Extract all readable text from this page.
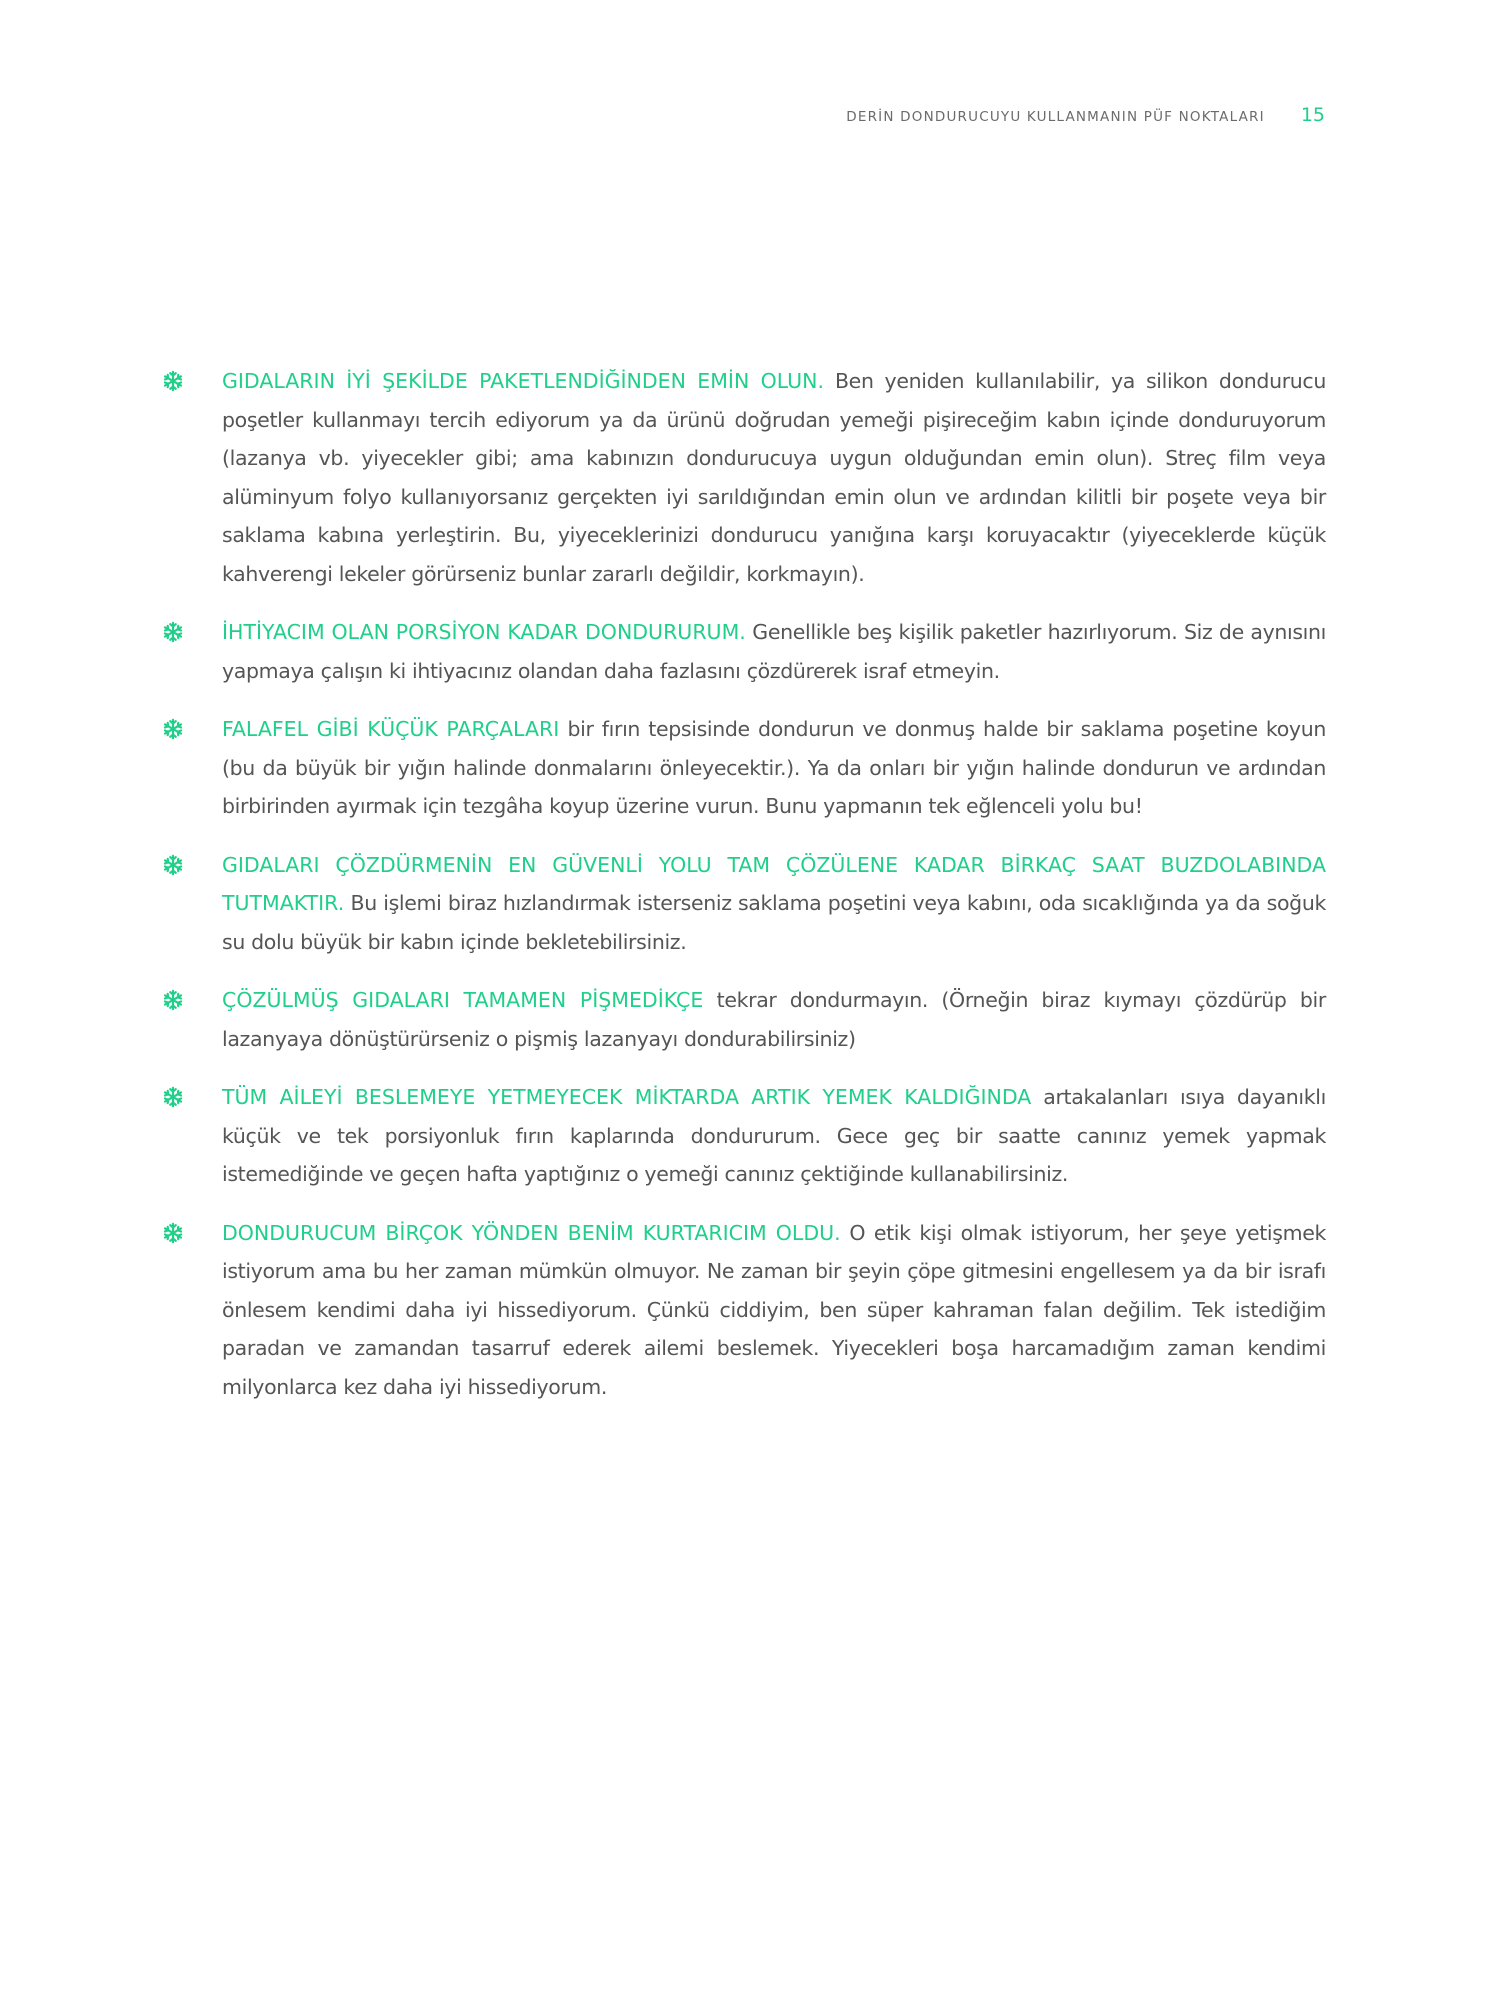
DERİN DONDURUCUYU KULLANMANIN PÜF NOKTALARI 15

GIDALARIN İYİ ŞEKİLDE PAKETLENDİĞİNDEN EMİN OLUN. Ben yeniden kullanılabilir, ya silikon dondurucu poşetler kullanmayı tercih ediyorum ya da ürünü doğrudan yemeği pişireceğim kabın içinde donduruyorum (lazanya vb. yiyecekler gibi; ama kabınızın dondurucuya uygun olduğundan emin olun). Streç film veya alüminyum folyo kullanıyorsanız gerçekten iyi sarıldığından emin olun ve ardından kilitli bir poşete veya bir saklama kabına yerleştirin. Bu, yiyeceklerinizi dondurucu yanığına karşı koruyacaktır (yiyeceklerde küçük kahverengi lekeler görürseniz bunlar zararlı değildir, korkmayın).

İHTİYACIM OLAN PORSİYON KADAR DONDURURUM. Genellikle beş kişilik paketler hazırlıyorum. Siz de aynısını yapmaya çalışın ki ihtiyacınız olandan daha fazlasını çözdürerek israf etmeyin.

FALAFEL GİBİ KÜÇÜK PARÇALARI bir fırın tepsisinde dondurun ve donmuş halde bir saklama poşetine koyun (bu da büyük bir yığın halinde donmalarını önleyecektir.). Ya da onları bir yığın halinde dondurun ve ardından birbirinden ayırmak için tezgâha koyup üzerine vurun. Bunu yapmanın tek eğlenceli yolu bu!

GIDALARI ÇÖZDÜRMENİN EN GÜVENLİ YOLU TAM ÇÖZÜLENE KADAR BİRKAÇ SAAT BUZDOLABINDA TUTMAKTIR. Bu işlemi biraz hızlandırmak isterseniz saklama poşetini veya kabını, oda sıcaklığında ya da soğuk su dolu büyük bir kabın içinde bekletebilirsiniz.

ÇÖZÜLMÜŞ GIDALARI TAMAMEN PİŞMEDİKÇE tekrar dondurmayın. (Örneğin biraz kıymayı çözdürüp bir lazanyaya dönüştürürseniz o pişmiş lazanyayı dondurabilirsiniz)

TÜM AİLEYİ BESLEMEYE YETMEYECEK MİKTARDA ARTIK YEMEK KALDIĞINDA artakalanları ısıya dayanıklı küçük ve tek porsiyonluk fırın kaplarında dondururum. Gece geç bir saatte canınız yemek yapmak istemediğinde ve geçen hafta yaptığınız o yemeği canınız çektiğinde kullanabilirsiniz.

DONDURUCUM BİRÇOK YÖNDEN BENİM KURTARICIM OLDU. O etik kişi olmak istiyorum, her şeye yetişmek istiyorum ama bu her zaman mümkün olmuyor. Ne zaman bir şeyin çöpe gitmesini engellesem ya da bir israfı önlesem kendimi daha iyi hissediyorum. Çünkü ciddiyim, ben süper kahraman falan değilim. Tek istediğim paradan ve zamandan tasarruf ederek ailemi beslemek. Yiyecekleri boşa harcamadığım zaman kendimi milyonlarca kez daha iyi hissediyorum.
